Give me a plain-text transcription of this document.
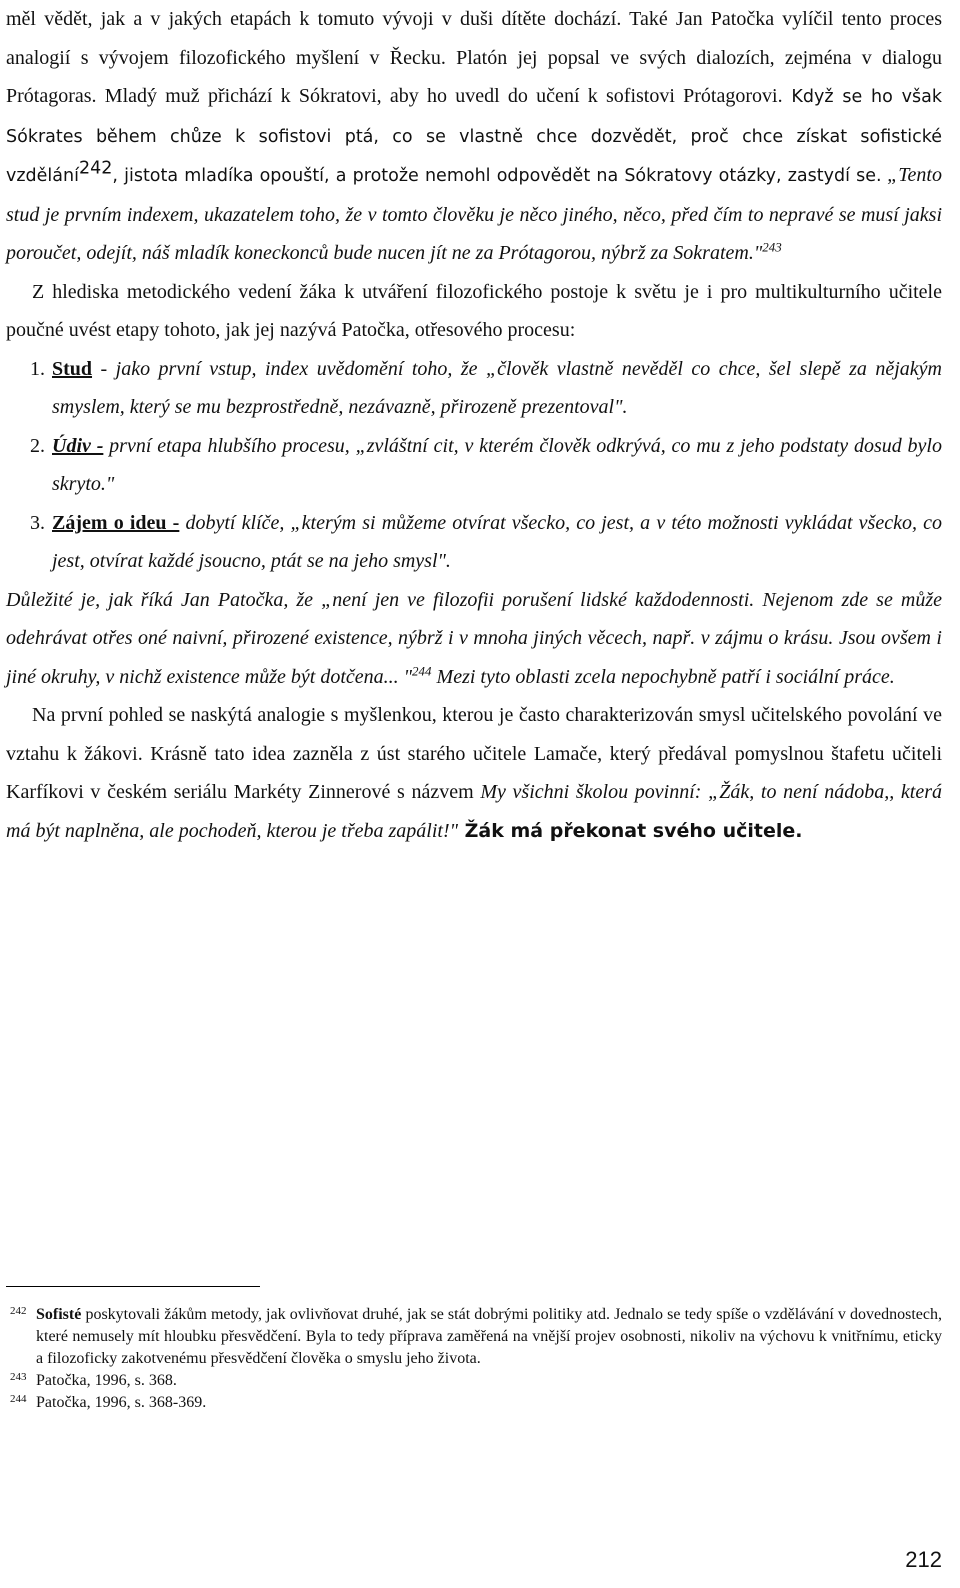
měl vědět, jak a v jakých etapách k tomuto vývoji v duši dítěte dochází. Také Jan Patočka vylíčil tento proces analogií s vývojem filozofického myšlení v Řecku. Platón jej popsal ve svých dialozích, zejména v dialogu Prótagoras. Mladý muž přichází k Sókratovi, aby ho uvedl do učení k sofistovi Prótagorovi. Když se ho však Sókrates během chůze k sofistovi ptá, co se vlastně chce dozvědět, proč chce získat sofistické vzdělání$^{242}$, jistota mladíka opouští, a protože nemohl odpovědět na Sókratovy otázky, zastydí se. „Tento stud je prvním indexem, ukazatelem toho, že v tomto člověku je něco jiného, něco, před čím to nepravé se musí jaksi poroučet, odejít, náš mladík koneckonců bude nucen jít ne za Prótagorou, nýbrž za Sokratem."$^{243}$

Z hlediska metodického vedení žáka k utváření filozofického postoje k světu je i pro multikulturního učitele poučné uvést etapy tohoto, jak jej nazývá Patočka, otřesového procesu:

1. Stud - jako první vstup, index uvědomění toho, že „člověk vlastně nevěděl co chce, šel slepě za nějakým smyslem, který se mu bezprostředně, nezávazně, přirozeně prezentoval".
2. Údiv - první etapa hlubšího procesu, „zvláštní cit, v kterém člověk odkrývá, co mu z jeho podstaty dosud bylo skryto."
3. Zájem o ideu - dobytí klíče, „kterým si můžeme otvírat všecko, co jest, a v této možnosti vykládat všecko, co jest, otvírat každé jsoucno, ptát se na jeho smysl".

Důležité je, jak říká Jan Patočka, že „není jen ve filozofii porušení lidské každodennosti. Nejenom zde se může odehrávat otřes oné naivní, přirozené existence, nýbrž i v mnoha jiných věcech, např. v zájmu o krásu. Jsou ovšem i jiné okruhy, v nichž existence může být dotčena... "$^{244}$ Mezi tyto oblasti zcela nepochybně patří i sociální práce.

Na první pohled se naskýtá analogie s myšlenkou, kterou je často charakterizován smysl učitelského povolání ve vztahu k žákovi. Krásně tato idea zazněla z úst starého učitele Lamače, který předával pomyslnou štafetu učiteli Karfíkovi v českém seriálu Markéty Zinnerové s názvem My všichni školou povinní: „Žák, to není nádoba,, která má být naplněna, ale pochodeň, kterou je třeba zapálit!" Žák má překonat svého učitele.

242 Sofisté poskytovali žákům metody, jak ovlivňovat druhé, jak se stát dobrými politiky atd. Jednalo se tedy spíše o vzdělávání v dovednostech, které nemusely mít hloubku přesvědčení. Byla to tedy příprava zaměřená na vnější projev osobnosti, nikoliv na výchovu k vnitřnímu, eticky a filozoficky zakotvenému přesvědčení člověka o smyslu jeho života.

243 Patočka, 1996, s. 368.

244 Patočka, 1996, s. 368-369.

212
